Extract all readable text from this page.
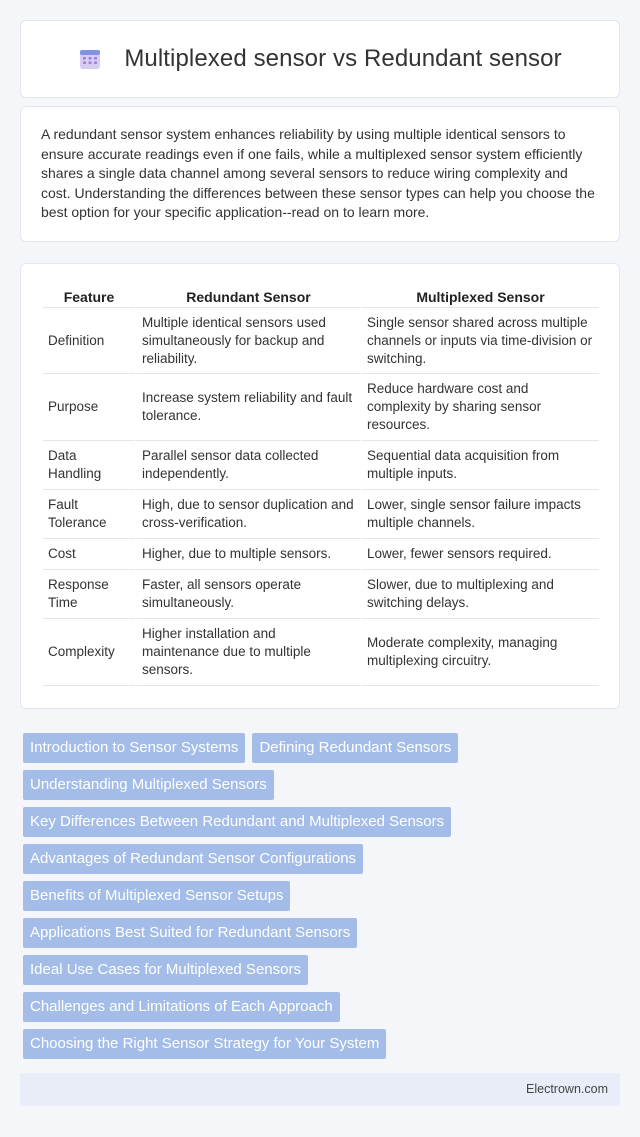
Multiplexed sensor vs Redundant sensor

A redundant sensor system enhances reliability by using multiple identical sensors to ensure accurate readings even if one fails, while a multiplexed sensor system efficiently shares a single data channel among several sensors to reduce wiring complexity and cost. Understanding the differences between these sensor types can help you choose the best option for your specific application--read on to learn more.

Feature	Redundant Sensor	Multiplexed Sensor
Definition	Multiple identical sensors used simultaneously for backup and reliability.	Single sensor shared across multiple channels or inputs via time-division or switching.
Purpose	Increase system reliability and fault tolerance.	Reduce hardware cost and complexity by sharing sensor resources.
Data Handling	Parallel sensor data collected independently.	Sequential data acquisition from multiple inputs.
Fault Tolerance	High, due to sensor duplication and cross-verification.	Lower, single sensor failure impacts multiple channels.
Cost	Higher, due to multiple sensors.	Lower, fewer sensors required.
Response Time	Faster, all sensors operate simultaneously.	Slower, due to multiplexing and switching delays.
Complexity	Higher installation and maintenance due to multiple sensors.	Moderate complexity, managing multiplexing circuitry.
Introduction to Sensor Systems	Defining Redundant Sensors
Understanding Multiplexed Sensors
Key Differences Between Redundant and Multiplexed Sensors
Advantages of Redundant Sensor Configurations
Benefits of Multiplexed Sensor Setups
Applications Best Suited for Redundant Sensors
Ideal Use Cases for Multiplexed Sensors
Challenges and Limitations of Each Approach
Choosing the Right Sensor Strategy for Your System
Electrown.com
